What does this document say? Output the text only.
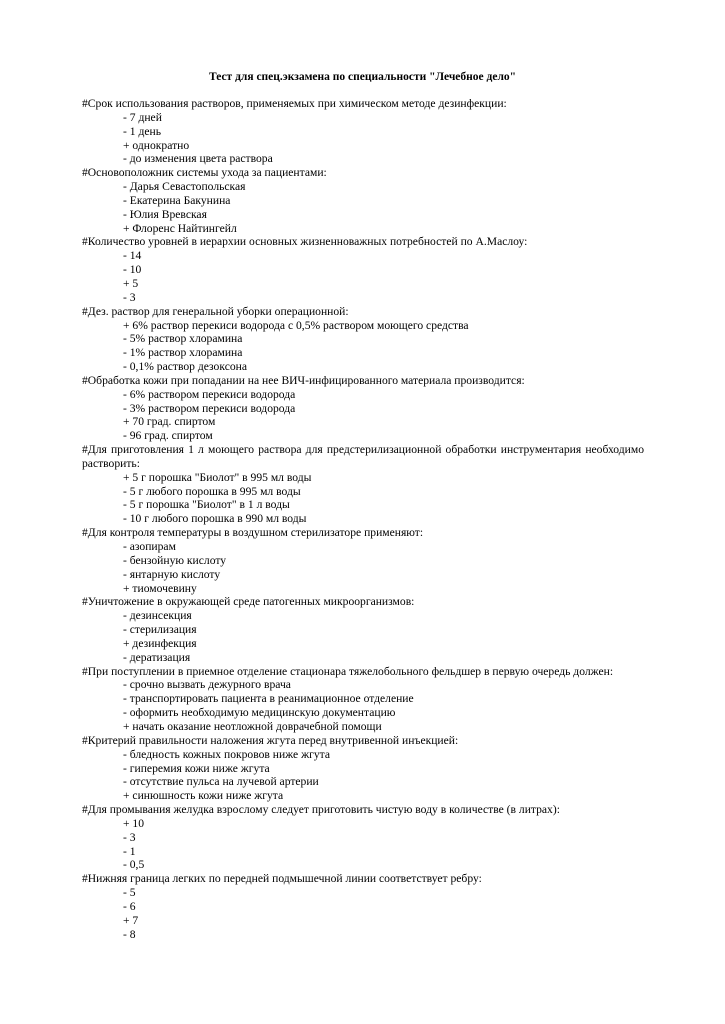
Тест для спец.экзамена по специальности "Лечебное дело"
#Срок использования растворов, применяемых при химическом методе дезинфекции:
- 7 дней
- 1 день
+ однократно
- до изменения цвета раствора
#Основоположник системы ухода за пациентами:
- Дарья Севастопольская
- Екатерина Бакунина
- Юлия Вревская
+ Флоренс Найтингейл
#Количество уровней в иерархии основных жизненноважных потребностей по А.Маслоу:
- 14
- 10
+ 5
- 3
#Дез. раствор для генеральной уборки операционной:
+ 6% раствор перекиси водорода с 0,5% раствором моющего средства
- 5% раствор хлорамина
- 1% раствор хлорамина
- 0,1% раствор дезоксона
#Обработка кожи при попадании на нее ВИЧ-инфицированного материала производится:
- 6% раствором перекиси водорода
- 3% раствором перекиси водорода
+ 70 град. спиртом
- 96 град. спиртом
#Для приготовления 1 л моющего раствора для предстерилизационной обработки инструментария необходимо растворить:
+ 5 г порошка "Биолот" в 995 мл воды
- 5 г любого порошка в 995 мл воды
- 5 г порошка "Биолот" в 1 л воды
- 10 г любого порошка в 990 мл воды
#Для контроля температуры в воздушном стерилизаторе применяют:
- азопирам
- бензойную кислоту
- янтарную кислоту
+ тиомочевину
#Уничтожение в окружающей среде патогенных микроорганизмов:
- дезинсекция
- стерилизация
+ дезинфекция
- дератизация
#При поступлении в приемное отделение стационара тяжелобольного фельдшер в первую очередь должен:
- срочно вызвать дежурного врача
- транспортировать пациента в реанимационное отделение
- оформить необходимую медицинскую документацию
+ начать оказание неотложной доврачебной помощи
#Критерий правильности наложения жгута перед внутривенной инъекцией:
- бледность кожных покровов ниже жгута
- гиперемия кожи ниже жгута
- отсутствие пульса на лучевой артерии
+ синюшность кожи ниже жгута
#Для промывания желудка взрослому следует приготовить чистую воду в количестве (в литрах):
+ 10
- 3
- 1
- 0,5
#Нижняя граница легких по передней подмышечной линии соответствует ребру:
- 5
- 6
+ 7
- 8
